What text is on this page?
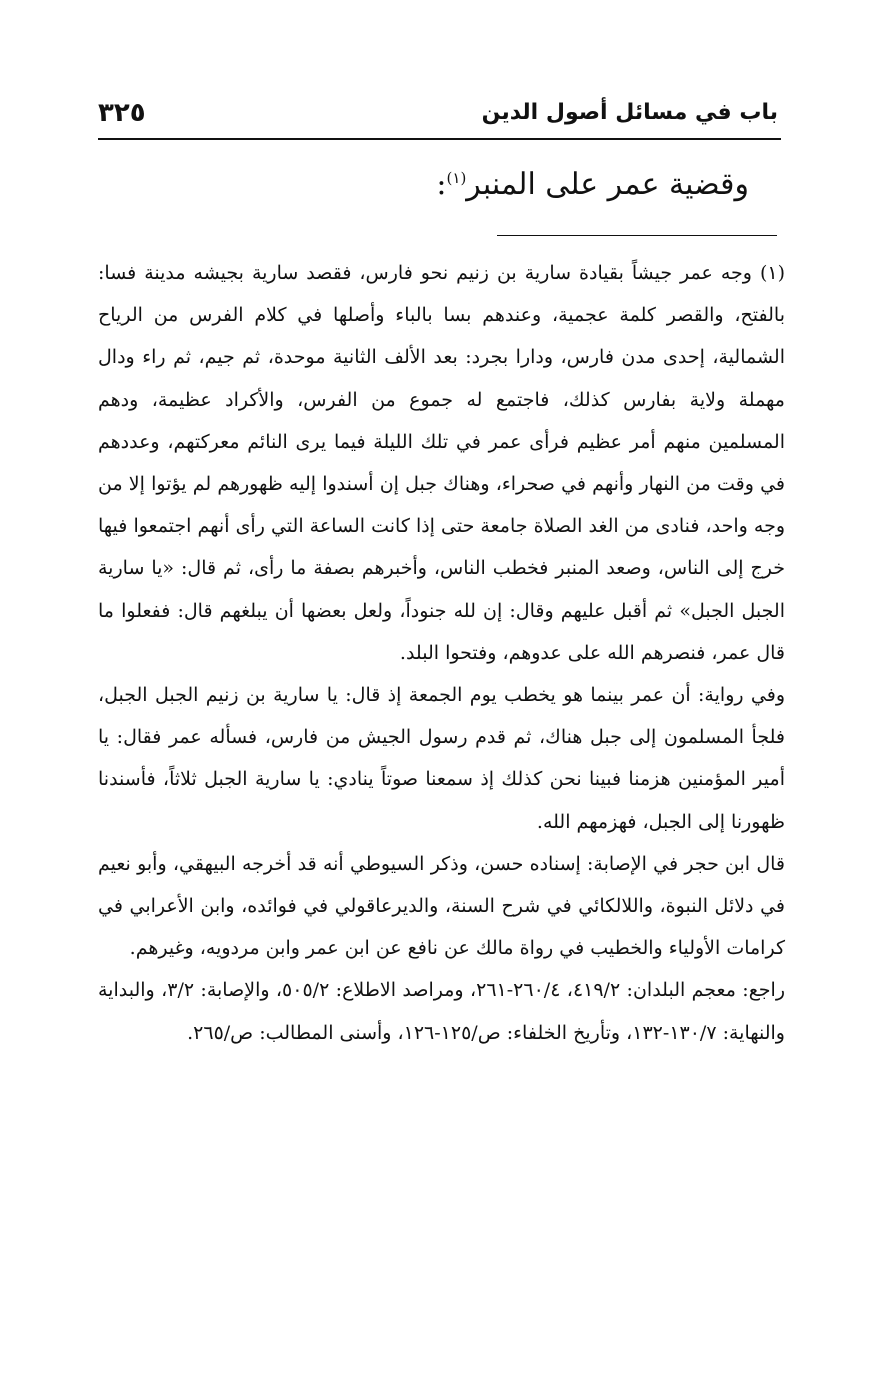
باب في مسائل أصول الدين
٣٢٥
وقضية عمر على المنبر$^{(١)}$:

(١) وجه عمر جيشاً بقيادة سارية بن زنيم نحو فارس، فقصد سارية بجيشه مدينة فسا: بالفتح، والقصر كلمة عجمية، وعندهم بسا بالباء وأصلها في كلام الفرس من الرياح الشمالية، إحدى مدن فارس، ودارا بجرد: بعد الألف الثانية موحدة، ثم جيم، ثم راء ودال مهملة ولاية بفارس كذلك، فاجتمع له جموع من الفرس، والأكراد عظيمة، ودهم المسلمين منهم أمر عظيم فرأى عمر في تلك الليلة فيما يرى النائم معركتهم، وعددهم في وقت من النهار وأنهم في صحراء، وهناك جبل إن أسندوا إليه ظهورهم لم يؤتوا إلا من وجه واحد، فنادى من الغد الصلاة جامعة حتى إذا كانت الساعة التي رأى أنهم اجتمعوا فيها خرج إلى الناس، وصعد المنبر فخطب الناس، وأخبرهم بصفة ما رأى، ثم قال: «يا سارية الجبل الجبل» ثم أقبل عليهم وقال: إن لله جنوداً، ولعل بعضها أن يبلغهم قال: ففعلوا ما قال عمر، فنصرهم الله على عدوهم، وفتحوا البلد.

وفي رواية: أن عمر بينما هو يخطب يوم الجمعة إذ قال: يا سارية بن زنيم الجبل الجبل، فلجأ المسلمون إلى جبل هناك، ثم قدم رسول الجيش من فارس، فسأله عمر فقال: يا أمير المؤمنين هزمنا فبينا نحن كذلك إذ سمعنا صوتاً ينادي: يا سارية الجبل ثلاثاً، فأسندنا ظهورنا إلى الجبل، فهزمهم الله.

قال ابن حجر في الإصابة: إسناده حسن، وذكر السيوطي أنه قد أخرجه البيهقي، وأبو نعيم في دلائل النبوة، واللالكائي في شرح السنة، والديرعاقولي في فوائده، وابن الأعرابي في كرامات الأولياء والخطيب في رواة مالك عن نافع عن ابن عمر وابن مردويه، وغيرهم.

راجع: معجم البلدان: ٤١٩/٢، ٢٦٠/٤-٢٦١، ومراصد الاطلاع: ٥٠٥/٢، والإصابة: ٣/٢، والبداية والنهاية: ١٣٠/٧-١٣٢، وتأريخ الخلفاء: ص/١٢٥-١٢٦، وأسنى المطالب: ص/٢٦٥.
